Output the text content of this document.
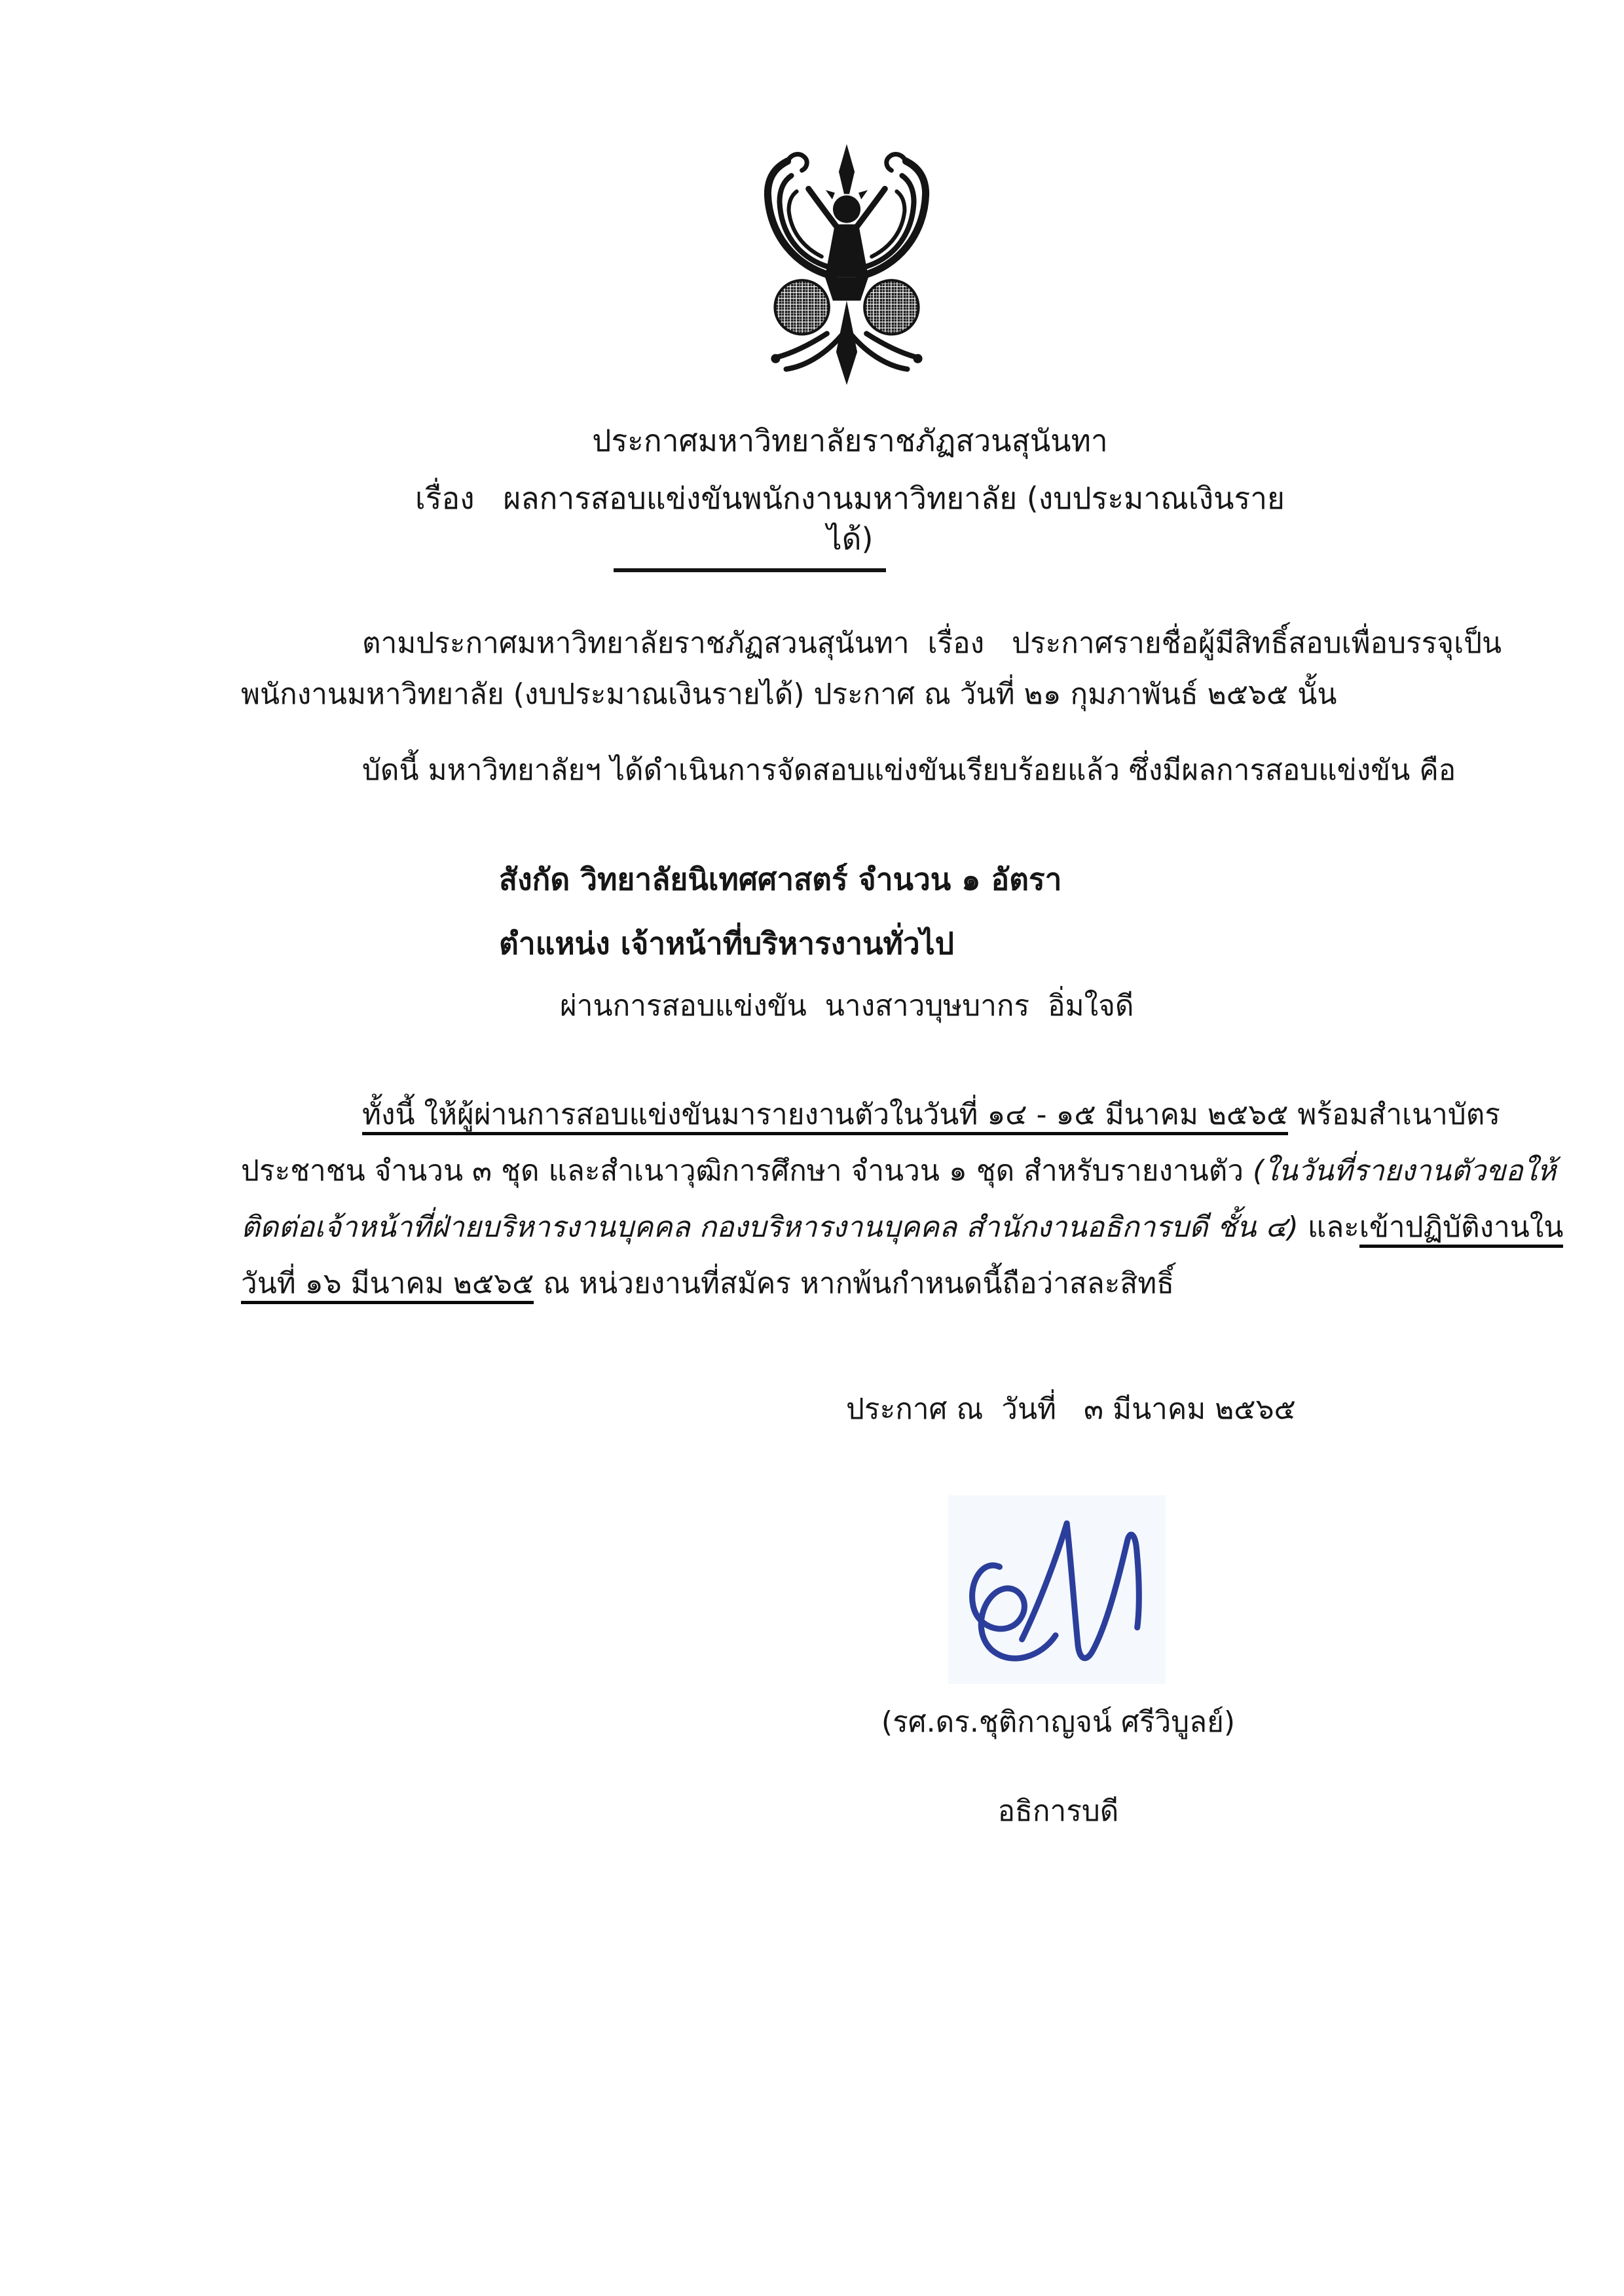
ประกาศมหาวิทยาลัยราชภัฏสวนสุนันทา
เรื่อง   ผลการสอบแข่งขันพนักงานมหาวิทยาลัย (งบประมาณเงินรายได้)
ตามประกาศมหาวิทยาลัยราชภัฏสวนสุนันทา  เรื่อง   ประกาศรายชื่อผู้มีสิทธิ์สอบเพื่อบรรจุเป็น
พนักงานมหาวิทยาลัย (งบประมาณเงินรายได้) ประกาศ ณ วันที่ ๒๑ กุมภาพันธ์ ๒๕๖๕ นั้น
บัดนี้ มหาวิทยาลัยฯ ได้ดำเนินการจัดสอบแข่งขันเรียบร้อยแล้ว ซึ่งมีผลการสอบแข่งขัน คือ
สังกัด วิทยาลัยนิเทศศาสตร์ จำนวน ๑ อัตรา
ตำแหน่ง เจ้าหน้าที่บริหารงานทั่วไป
ผ่านการสอบแข่งขัน  นางสาวบุษบากร  อิ่มใจดี
ทั้งนี้ ให้ผู้ผ่านการสอบแข่งขันมารายงานตัวในวันที่ ๑๔ - ๑๕ มีนาคม ๒๕๖๕ พร้อมสำเนาบัตร
ประชาชน จำนวน ๓ ชุด และสำเนาวุฒิการศึกษา จำนวน ๑ ชุด สำหรับรายงานตัว (ในวันที่รายงานตัวขอให้
ติดต่อเจ้าหน้าที่ฝ่ายบริหารงานบุคคล กองบริหารงานบุคคล สำนักงานอธิการบดี ชั้น ๔) และเข้าปฏิบัติงานใน
วันที่ ๑๖ มีนาคม ๒๕๖๕ ณ หน่วยงานที่สมัคร หากพ้นกำหนดนี้ถือว่าสละสิทธิ์
ประกาศ ณ  วันที่   ๓ มีนาคม ๒๕๖๕
(รศ.ดร.ชุติกาญจน์ ศรีวิบูลย์)
อธิการบดี
